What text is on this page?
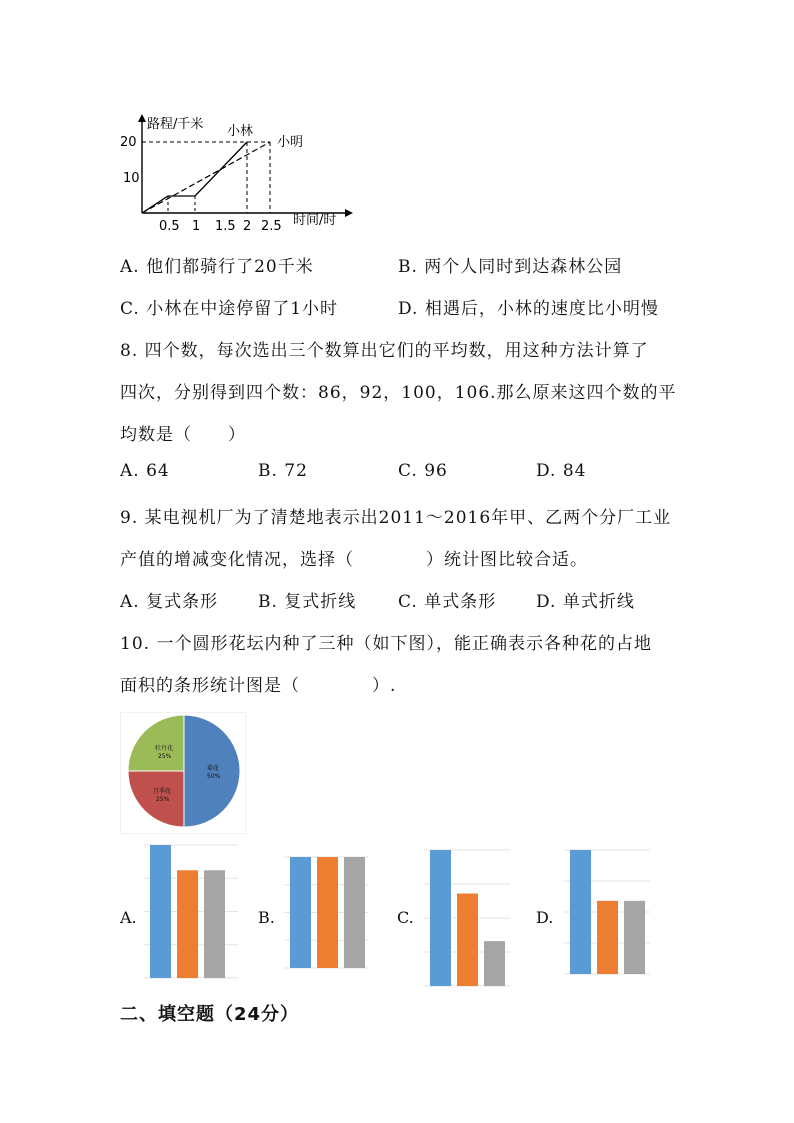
路程/千米
时间/时
20
10
0.5 1 1.5 2 2.5
小林
小明
A. 他们都骑行了20千米	B. 两个人同时到达森林公园
C. 小林在中途停留了1小时	D. 相遇后，小林的速度比小明慢
8. 四个数，每次选出三个数算出它们的平均数，用这种方法计算了
四次，分别得到四个数：86，92，100，106.那么原来这四个数的平
均数是（　　）
A. 64	B. 72	C. 96	D. 84
9. 某电视机厂为了清楚地表示出2011～2016年甲、乙两个分厂工业
产值的增减变化情况，选择（　　　　）统计图比较合适。
A. 复式条形 B. 复式折线 C. 单式条形 D. 单式折线
10. 一个圆形花坛内种了三种（如下图），能正确表示各种花的占地
面积的条形统计图是（　　　　）.
菊花
50%
月季花
25%
牡丹花
25%
A.	B.	C.	D.
二、填空题（24分）
